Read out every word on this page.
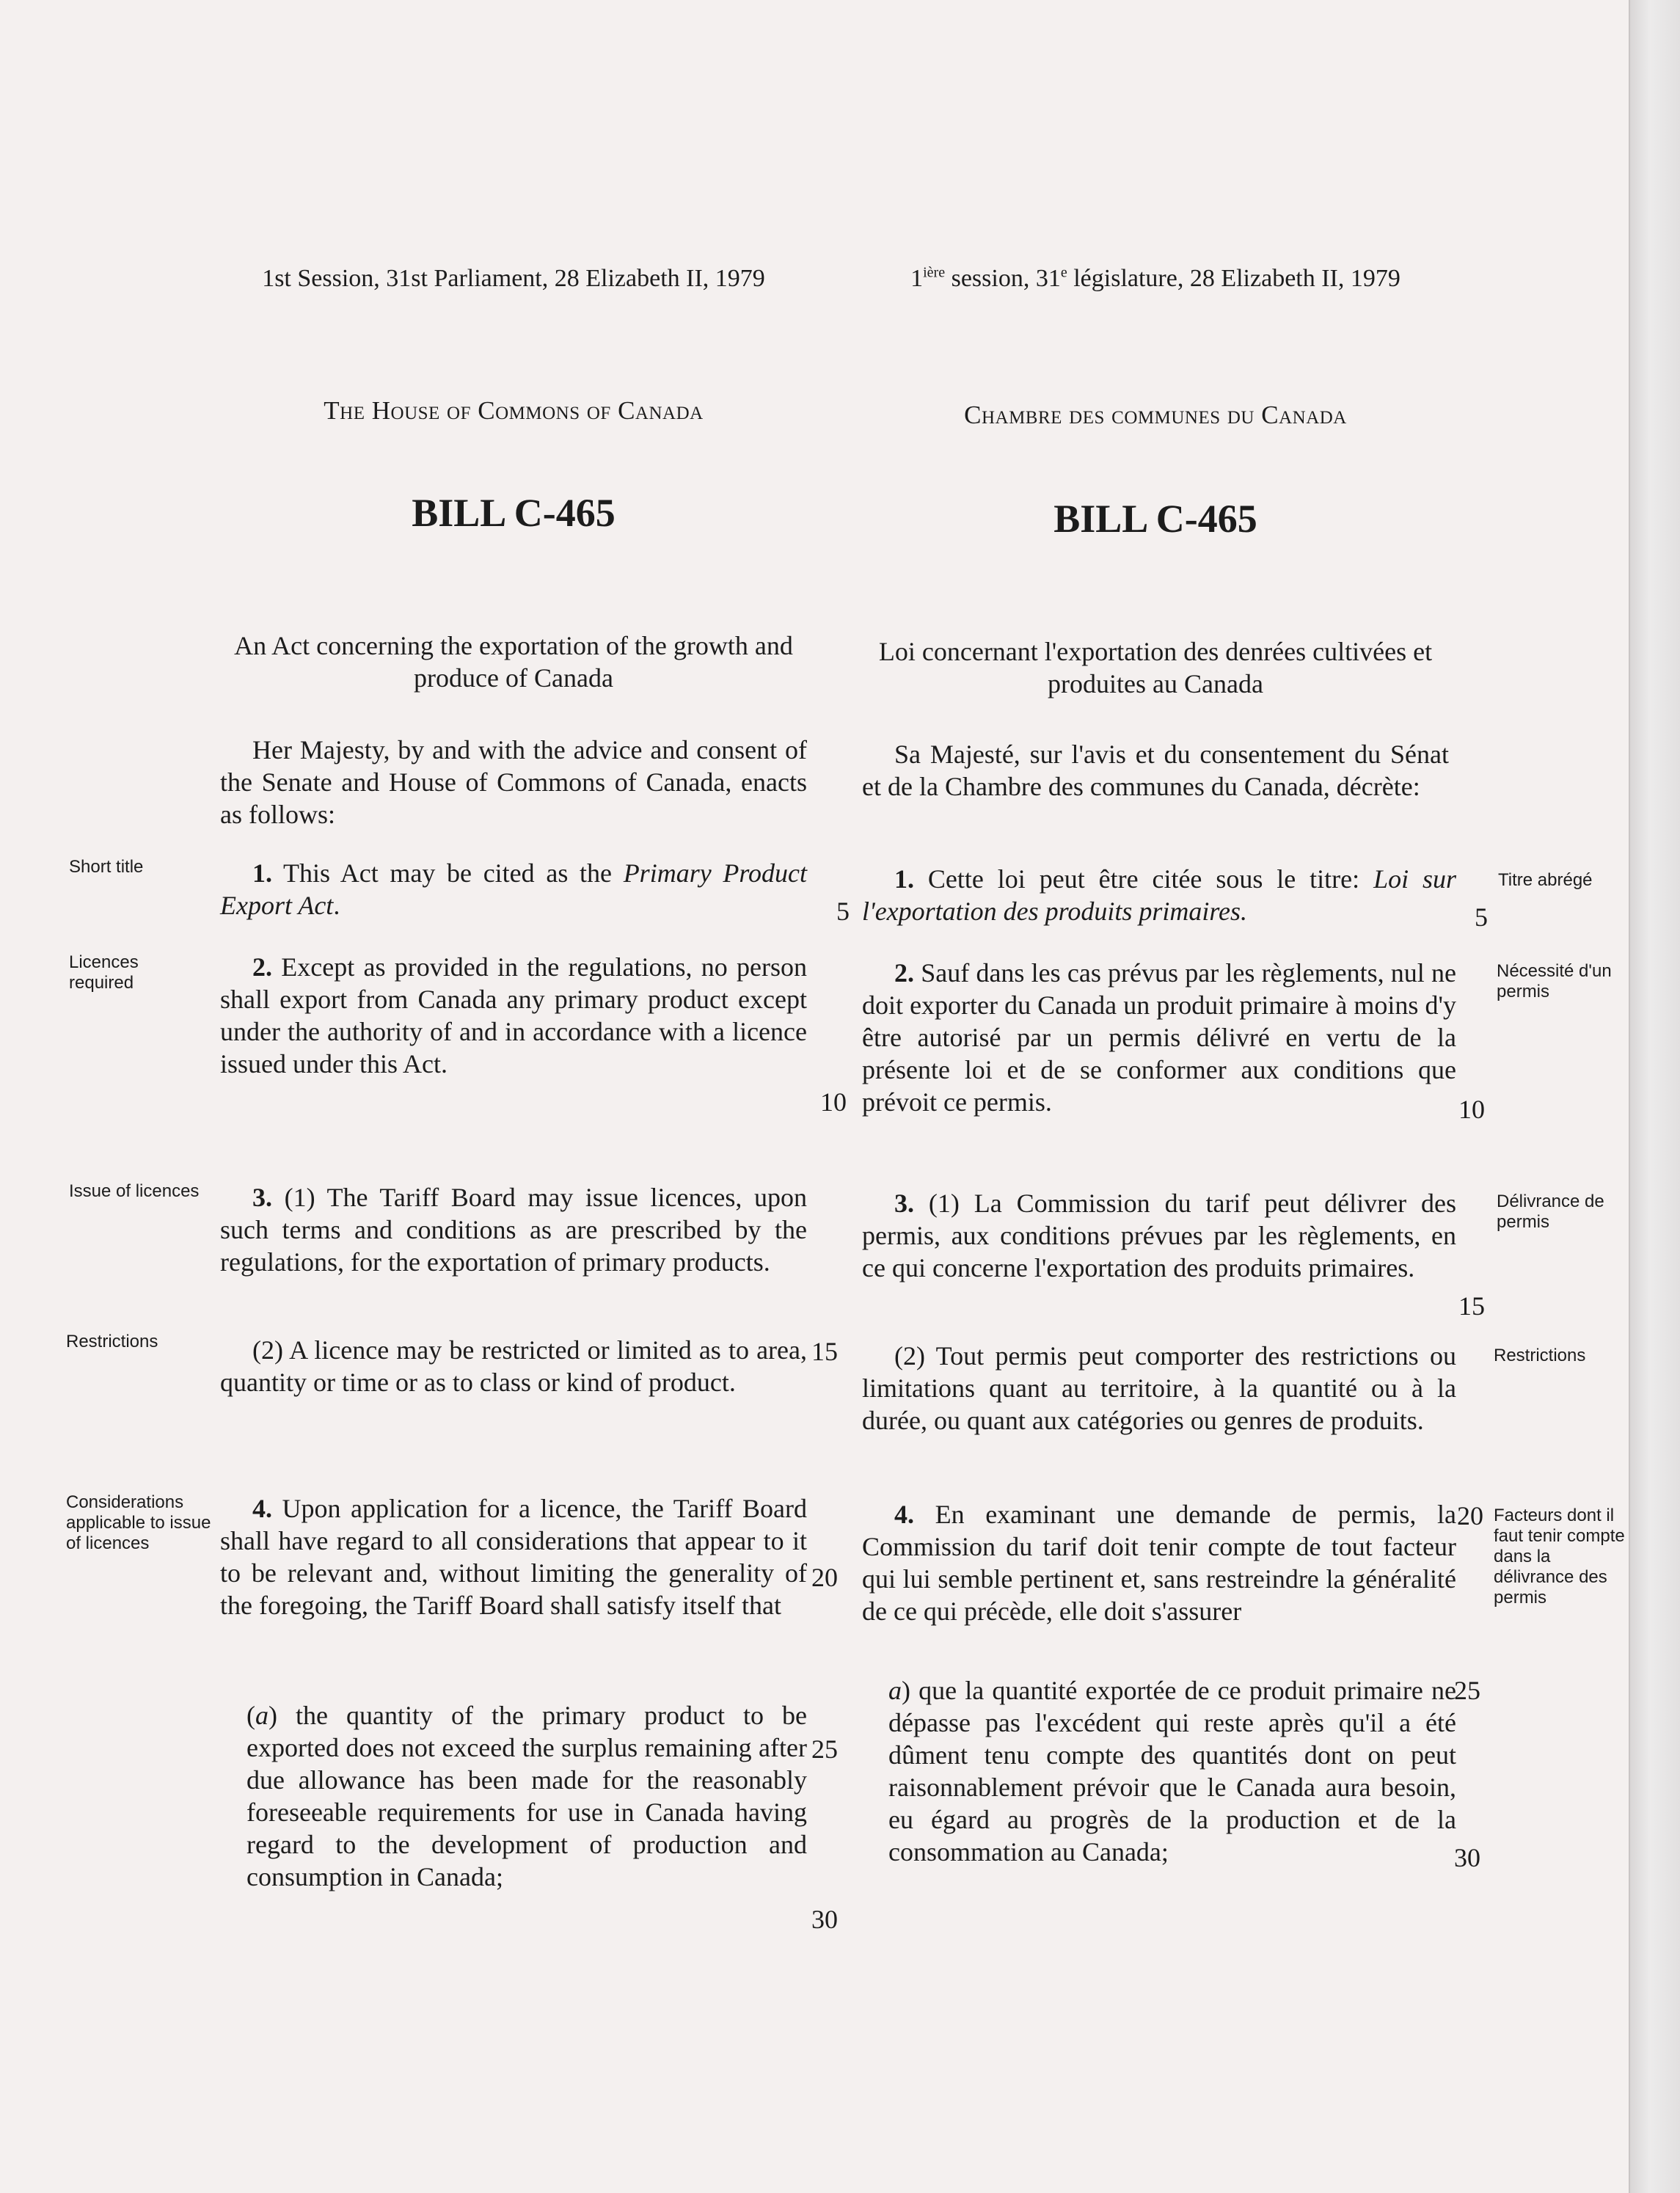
1st Session, 31st Parliament, 28 Elizabeth II, 1979
The House of Commons of Canada
BILL C-465
An Act concerning the exportation of the growth and produce of Canada
Her Majesty, by and with the advice and consent of the Senate and House of Commons of Canada, enacts as follows:
1. This Act may be cited as the Primary Product Export Act.
2. Except as provided in the regulations, no person shall export from Canada any primary product except under the authority of and in accordance with a licence issued under this Act.
3. (1) The Tariff Board may issue licences, upon such terms and conditions as are prescribed by the regulations, for the exportation of primary products.
(2) A licence may be restricted or limited as to area, quantity or time or as to class or kind of product.
4. Upon application for a licence, the Tariff Board shall have regard to all considerations that appear to it to be relevant and, without limiting the generality of the foregoing, the Tariff Board shall satisfy itself that
(a) the quantity of the primary product to be exported does not exceed the surplus remaining after due allowance has been made for the reasonably foreseeable requirements for use in Canada having regard to the development of production and consumption in Canada;
Short title
Licences required
Issue of licences
Restrictions
Considerations applicable to issue of licences
5
10
15
20
25
30
$1^{ière}$ session, 31e législature, 28 Elizabeth II, 1979
Chambre des communes du Canada
BILL C-465
Loi concernant l'exportation des denrées cultivées et produites au Canada
Sa Majesté, sur l'avis et du consentement du Sénat et de la Chambre des communes du Canada, décrète:
1. Cette loi peut être citée sous le titre: Loi sur l'exportation des produits primaires.
2. Sauf dans les cas prévus par les règlements, nul ne doit exporter du Canada un produit primaire à moins d'y être autorisé par un permis délivré en vertu de la présente loi et de se conformer aux conditions que prévoit ce permis.
3. (1) La Commission du tarif peut délivrer des permis, aux conditions prévues par les règlements, en ce qui concerne l'exportation des produits primaires.
(2) Tout permis peut comporter des restrictions ou limitations quant au territoire, à la quantité ou à la durée, ou quant aux catégories ou genres de produits.
4. En examinant une demande de permis, la Commission du tarif doit tenir compte de tout facteur qui lui semble pertinent et, sans restreindre la généralité de ce qui précède, elle doit s'assurer
a) que la quantité exportée de ce produit primaire ne dépasse pas l'excédent qui reste après qu'il a été dûment tenu compte des quantités dont on peut raisonnablement prévoir que le Canada aura besoin, eu égard au progrès de la production et de la consommation au Canada;
Titre abrégé
Nécessité d'un permis
Délivrance de permis
Restrictions
Facteurs dont il faut tenir compte dans la délivrance des permis
5
10
15
20
25
30
